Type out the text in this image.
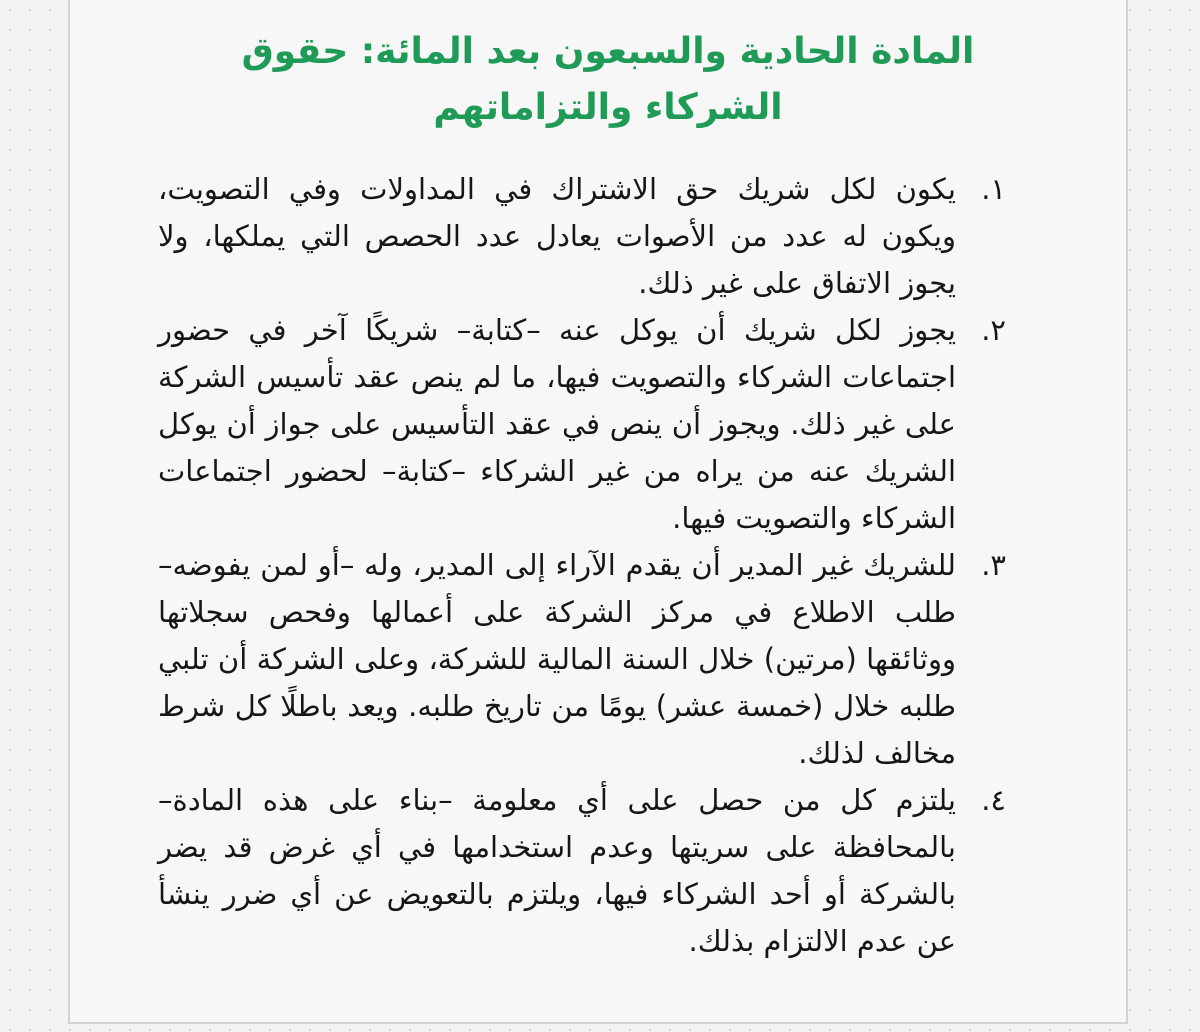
المادة الحادية والسبعون بعد المائة: حقوق الشركاء والتزاماتهم
١.

يكون لكل شريك حق الاشتراك في المداولات وفي التصويت، ويكون له عدد من الأصوات يعادل عدد الحصص التي يملكها، ولا يجوز الاتفاق على غير ذلك.

٢.

يجوز لكل شريك أن يوكل عنه –كتابة– شريكًا آخر في حضور اجتماعات الشركاء والتصويت فيها، ما لم ينص عقد تأسيس الشركة على غير ذلك. ويجوز أن ينص في عقد التأسيس على جواز أن يوكل الشريك عنه من يراه من غير الشركاء –كتابة– لحضور اجتماعات الشركاء والتصويت فيها.

٣.

للشريك غير المدير أن يقدم الآراء إلى المدير، وله –أو لمن يفوضه– طلب الاطلاع في مركز الشركة على أعمالها وفحص سجلاتها ووثائقها (مرتين) خلال السنة المالية للشركة، وعلى الشركة أن تلبي طلبه خلال (خمسة عشر) يومًا من تاريخ طلبه. ويعد باطلًا كل شرط مخالف لذلك.

٤.

يلتزم كل من حصل على أي معلومة –بناء على هذه المادة– بالمحافظة على سريتها وعدم استخدامها في أي غرض قد يضر بالشركة أو أحد الشركاء فيها، ويلتزم بالتعويض عن أي ضرر ينشأ عن عدم الالتزام بذلك.
